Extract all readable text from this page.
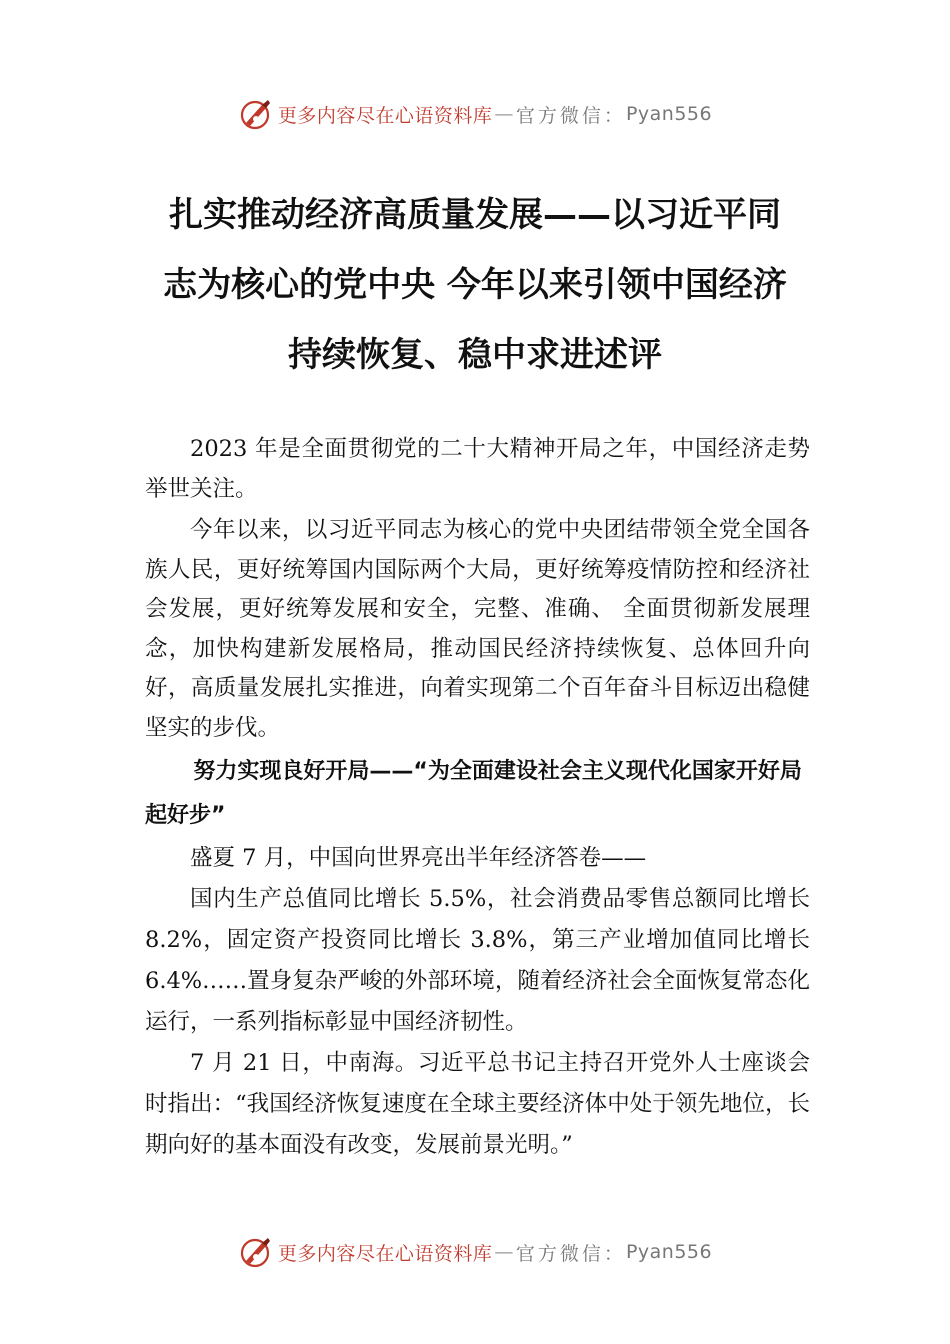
更多内容尽在心语资料库 — 官方微信： Pyan556
扎实推动经济高质量发展——以习近平同
志为核心的党中央 今年以来引领中国经济
持续恢复、稳中求进述评

2023 年是全面贯彻党的二十大精神开局之年，中国经济走势举世关注。

今年以来，以习近平同志为核心的党中央团结带领全党全国各族人民，更好统筹国内国际两个大局，更好统筹疫情防控和经济社会发展，更好统筹发展和安全，完整、准确、 全面贯彻新发展理念，加快构建新发展格局，推动国民经济持续恢复、总体回升向好，高质量发展扎实推进，向着实现第二个百年奋斗目标迈出稳健坚实的步伐。

努力实现良好开局——“为全面建设社会主义现代化国家开好局起好步”

盛夏 7 月，中国向世界亮出半年经济答卷——

国内生产总值同比增长 5.5%，社会消费品零售总额同比增长 8.2%，固定资产投资同比增长 3.8%，第三产业增加值同比增长 6.4%……置身复杂严峻的外部环境，随着经济社会全面恢复常态化运行，一系列指标彰显中国经济韧性。

7 月 21 日，中南海。习近平总书记主持召开党外人士座谈会时指出：“我国经济恢复速度在全球主要经济体中处于领先地位，长期向好的基本面没有改变，发展前景光明。”

更多内容尽在心语资料库 — 官方微信： Pyan556
